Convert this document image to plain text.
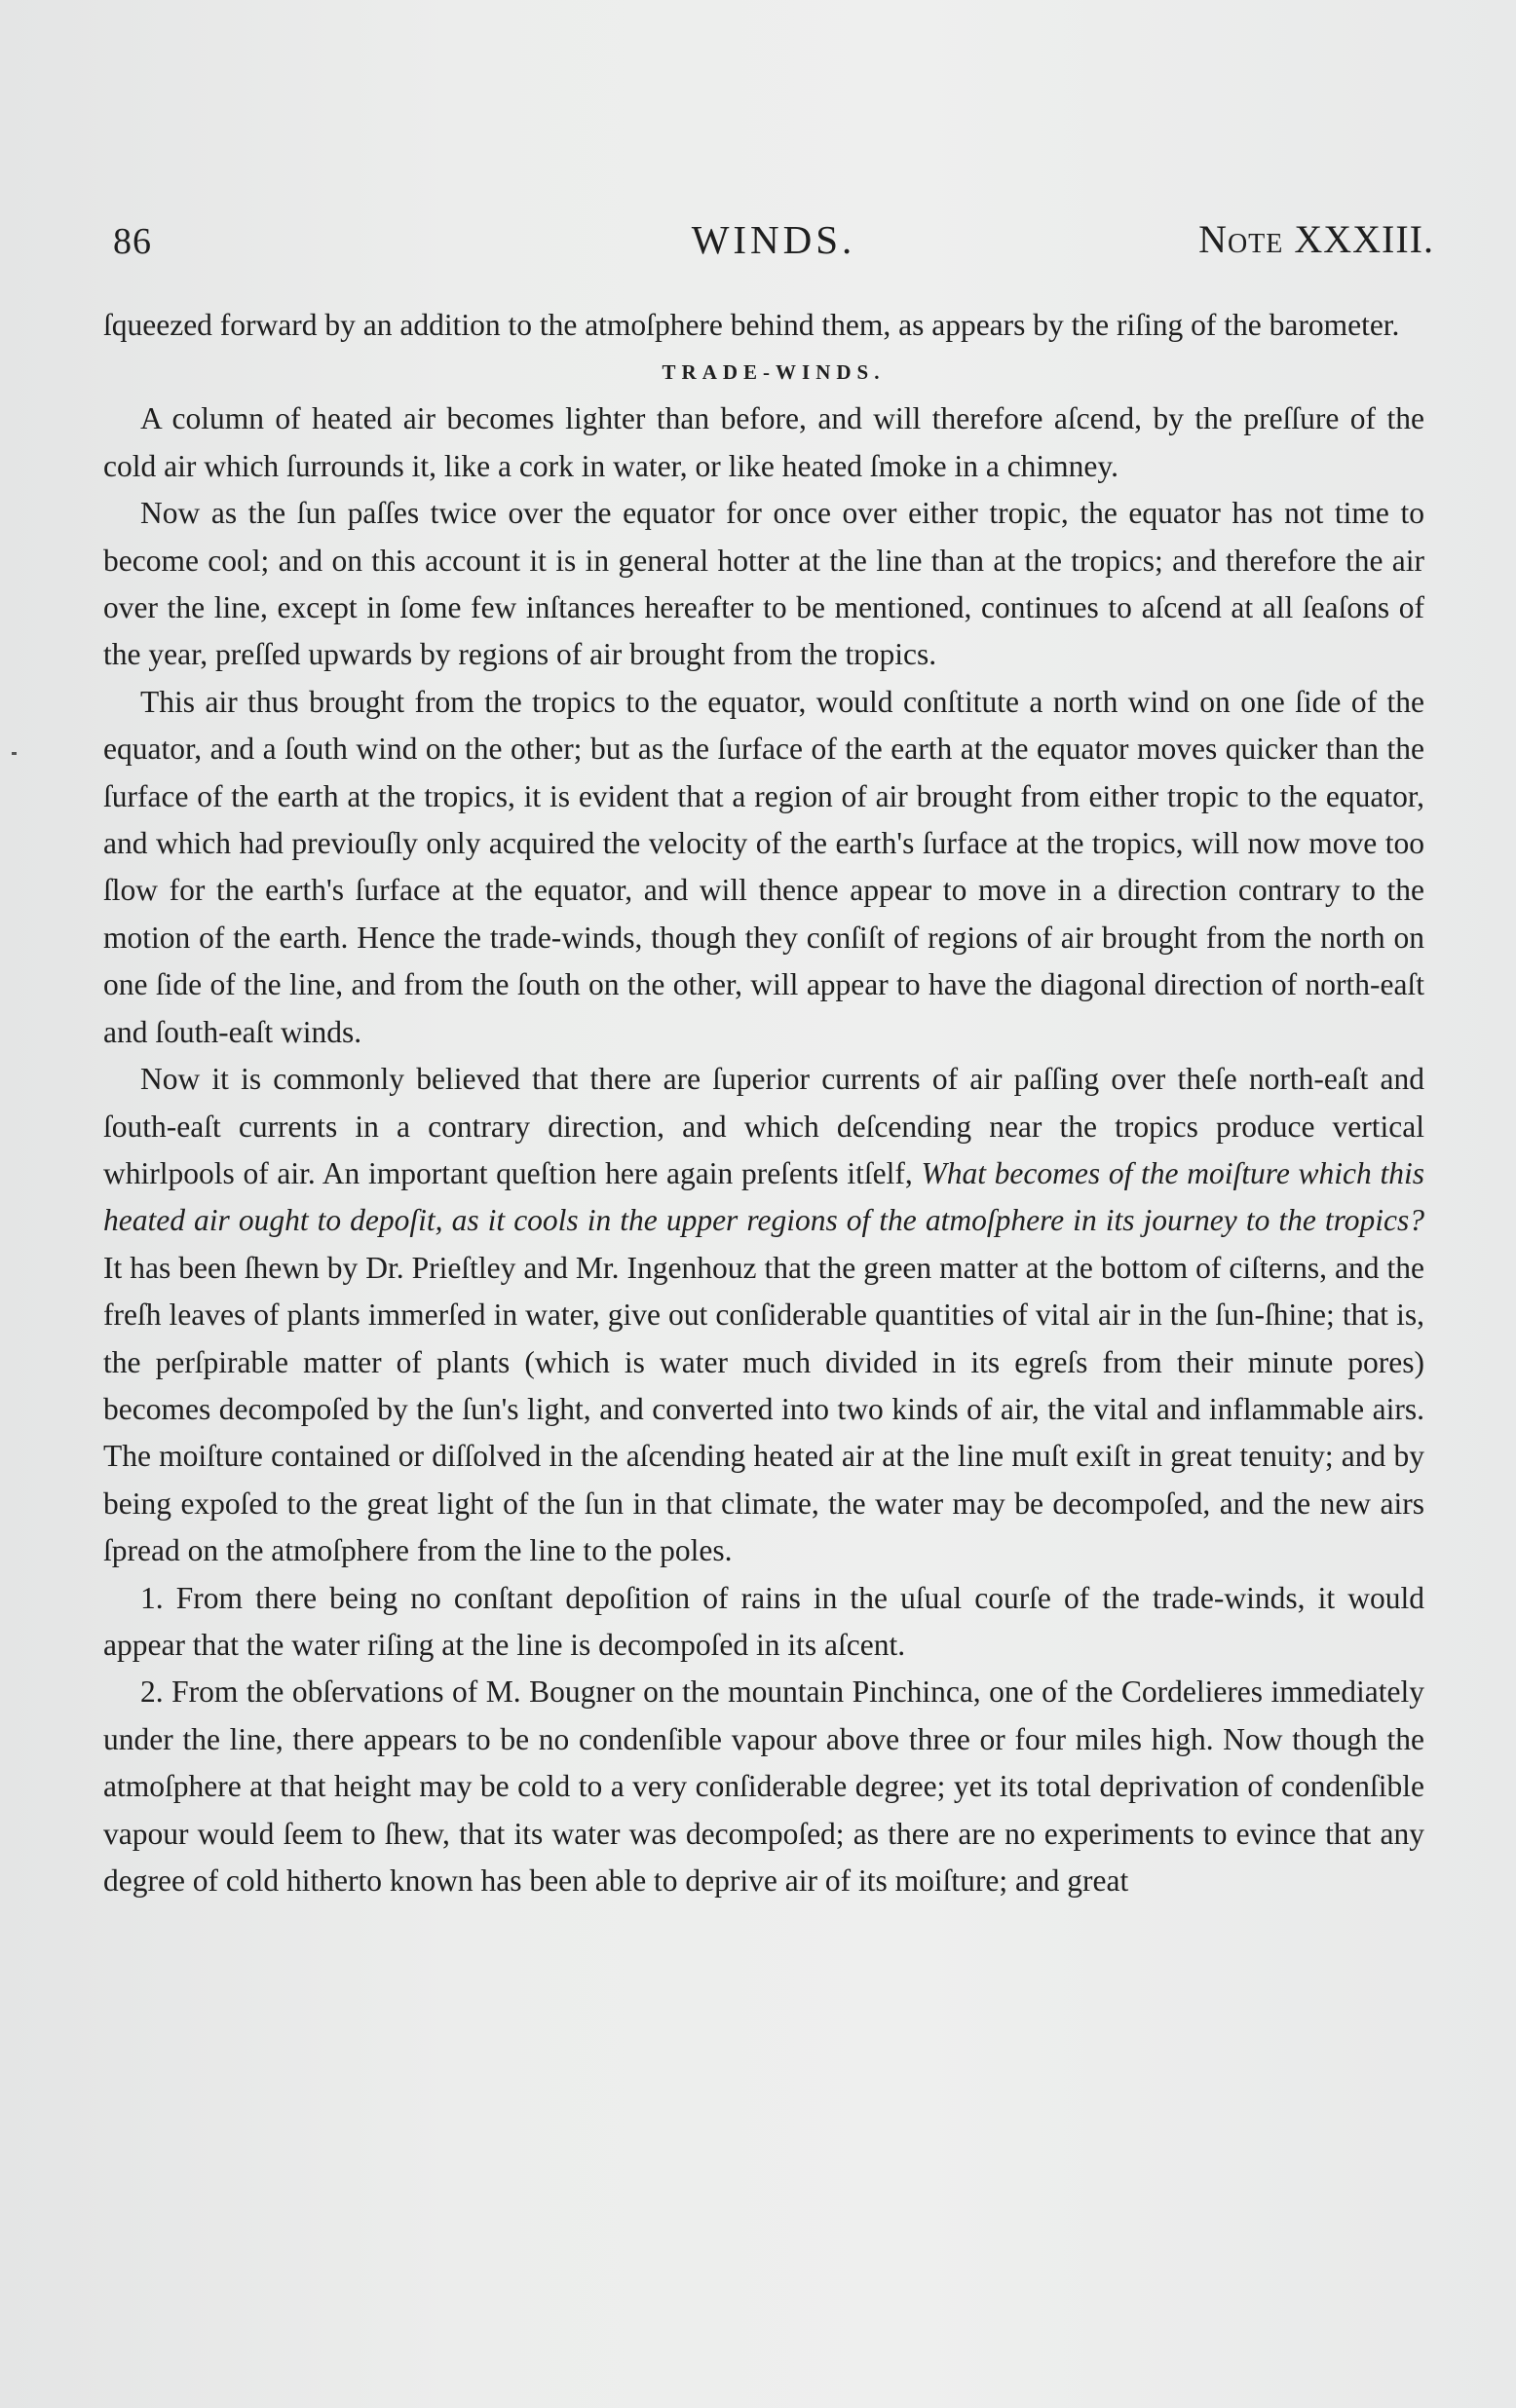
86	WINDS.	Note XXXIII.

ſqueezed forward by an addition to the atmoſphere behind them, as appears by the riſing of the barometer.

TRADE-WINDS.

A column of heated air becomes lighter than before, and will therefore aſcend, by the preſſure of the cold air which ſurrounds it, like a cork in water, or like heated ſmoke in a chimney.

Now as the ſun paſſes twice over the equator for once over either tropic, the equator has not time to become cool; and on this account it is in general hotter at the line than at the tropics; and therefore the air over the line, except in ſome few inſtances hereafter to be mentioned, continues to aſcend at all ſeaſons of the year, preſſed upwards by regions of air brought from the tropics.

This air thus brought from the tropics to the equator, would conſtitute a north wind on one ſide of the equator, and a ſouth wind on the other; but as the ſurface of the earth at the equator moves quicker than the ſurface of the earth at the tropics, it is evident that a region of air brought from either tropic to the equator, and which had previouſly only acquired the velocity of the earth's ſurface at the tropics, will now move too ſlow for the earth's ſurface at the equator, and will thence appear to move in a direction contrary to the motion of the earth. Hence the trade-winds, though they conſiſt of regions of air brought from the north on one ſide of the line, and from the ſouth on the other, will appear to have the diagonal direction of north-eaſt and ſouth-eaſt winds.

Now it is commonly believed that there are ſuperior currents of air paſſing over theſe north-eaſt and ſouth-eaſt currents in a contrary direction, and which deſcending near the tropics produce vertical whirlpools of air. An important queſtion here again preſents itſelf, What becomes of the moiſture which this heated air ought to depoſit, as it cools in the upper regions of the atmoſphere in its journey to the tropics? It has been ſhewn by Dr. Prieſtley and Mr. Ingenhouz that the green matter at the bottom of ciſterns, and the freſh leaves of plants immerſed in water, give out conſiderable quantities of vital air in the ſun-ſhine; that is, the perſpirable matter of plants (which is water much divided in its egreſs from their minute pores) becomes decompoſed by the ſun's light, and converted into two kinds of air, the vital and inflammable airs. The moiſture contained or diſſolved in the aſcending heated air at the line muſt exiſt in great tenuity; and by being expoſed to the great light of the ſun in that climate, the water may be decompoſed, and the new airs ſpread on the atmoſphere from the line to the poles.

1. From there being no conſtant depoſition of rains in the uſual courſe of the trade-winds, it would appear that the water riſing at the line is decompoſed in its aſcent.

2. From the obſervations of M. Bougner on the mountain Pinchinca, one of the Cordelieres immediately under the line, there appears to be no condenſible vapour above three or four miles high. Now though the atmoſphere at that height may be cold to a very conſiderable degree; yet its total deprivation of condenſible vapour would ſeem to ſhew, that its water was decompoſed; as there are no experiments to evince that any degree of cold hitherto known has been able to deprive air of its moiſture; and great
